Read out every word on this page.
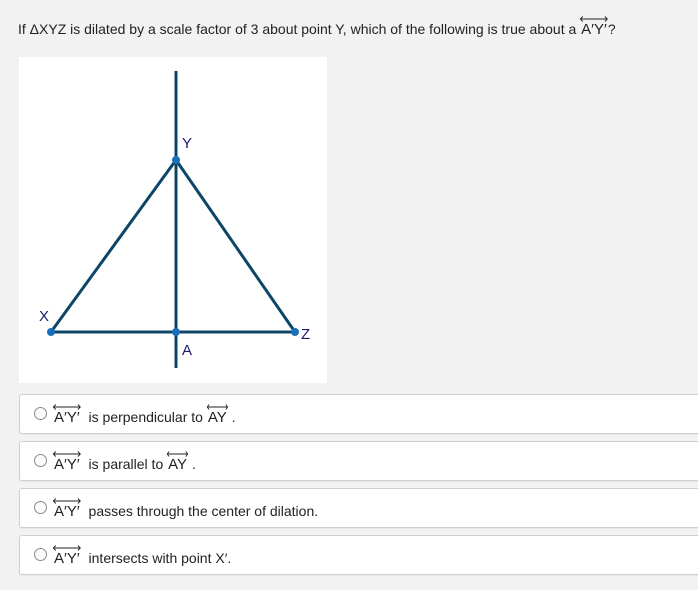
If ΔXYZ is dilated by a scale factor of 3 about point Y, which of the following is true about a A′Y′?
Y
X
Z
A
A′Y′ is perpendicular to AY .
A′Y′ is parallel to AY .
A′Y′ passes through the center of dilation.
A′Y′ intersects with point X′.
